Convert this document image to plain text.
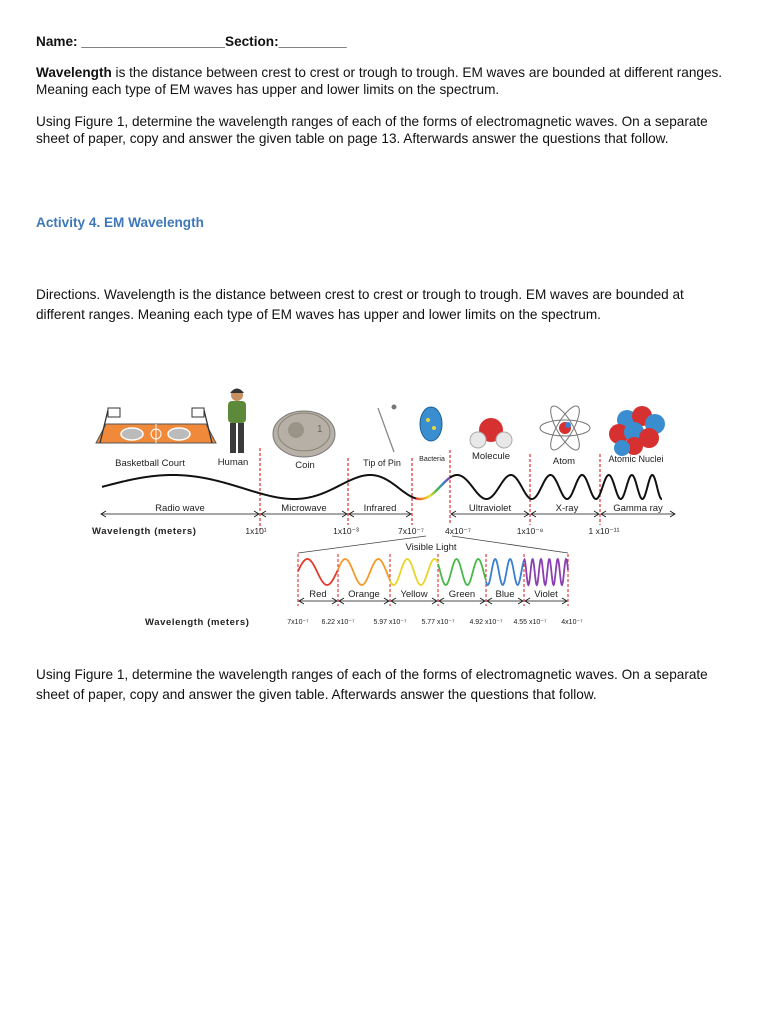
Name: ___________________Section:_________

Wavelength is the distance between crest to crest or trough to trough. EM waves are bounded at different ranges. Meaning each type of EM waves has upper and lower limits on the spectrum.

Using Figure 1, determine the wavelength ranges of each of the forms of electromagnetic waves. On a separate sheet of paper, copy and answer the given table on page 13. Afterwards answer the questions that follow.

Activity 4. EM Wavelength

Directions. Wavelength is the distance between crest to crest or trough to trough. EM waves are bounded at different ranges. Meaning each type of EM waves has upper and lower limits on the spectrum.

1
Basketball Court	Human	Coin	Tip of Pin	Bacteria	Molecule	Atom	Atomic Nuclei
Radio wave	Microwave	Infrared	Ultraviolet	X-ray	Gamma ray
Wavelength (meters)	1x10¹	1x10⁻³	7x10⁻⁷ 4x10⁻⁷	1x10⁻⁸	1 x10⁻¹¹
Visible Light
Red Orange Yellow Green Blue Violet
Wavelength (meters)	7x10⁻⁷ 6.22 x10⁻⁷	5.97 x10⁻⁷ 5.77 x10⁻⁷ 4.92 x10⁻⁷ 4.55 x10⁻⁷ 4x10⁻⁷

Using Figure 1, determine the wavelength ranges of each of the forms of electromagnetic waves. On a separate sheet of paper, copy and answer the given table. Afterwards answer the questions that follow.
